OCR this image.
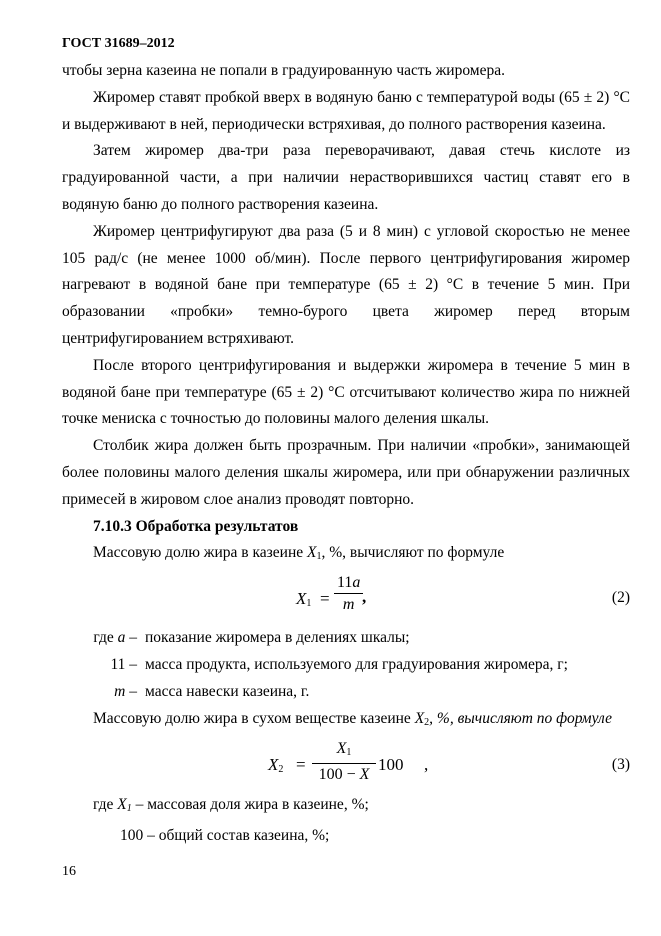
ГОСТ 31689–2012

чтобы зерна казеина не попали в градуированную часть жиромера.

Жиромер ставят пробкой вверх в водяную баню с температурой воды (65 ± 2) °С и выдерживают в ней, периодически встряхивая, до полного растворения казеина.

Затем жиромер два-три раза переворачивают, давая стечь кислоте из градуированной части, а при наличии нерастворившихся частиц ставят его в водяную баню до полного растворения казеина.

Жиромер центрифугируют два раза (5 и 8 мин) с угловой скоростью не менее 105 рад/с (не менее 1000 об/мин). После первого центрифугирования жиромер нагревают в водяной бане при температуре (65 ± 2) °С в течение 5 мин. При образовании «пробки» темно-бурого цвета жиромер перед вторым центрифугированием встряхивают.

После второго центрифугирования и выдержки жиромера в течение 5 мин в водяной бане при температуре (65 ± 2) °С отсчитывают количество жира по нижней точке мениска с точностью до половины малого деления шкалы.

Столбик жира должен быть прозрачным. При наличии «пробки», занимающей более половины малого деления шкалы жиромера, или при обнаружении различных примесей в жировом слое анализ проводят повторно.

7.10.3 Обработка результатов

Массовую долю жира в казеине $X_1$, %, вычисляют по формуле

$X_1 = \frac{11a}{m}$
,	(2)
где a – показание жиромера в делениях шкалы;
11 – масса продукта, используемого для градуирования жиромера, г;
m – масса навески казеина, г.

Массовую долю жира в сухом веществе казеине $X_2$, %, вычисляют по формуле

$X_2 = \frac{X_1}{100 - X} 100$ ,	(3)

где $X_1$ – массовая доля жира в казеине, %;

100 – общий состав казеина, %;

16
